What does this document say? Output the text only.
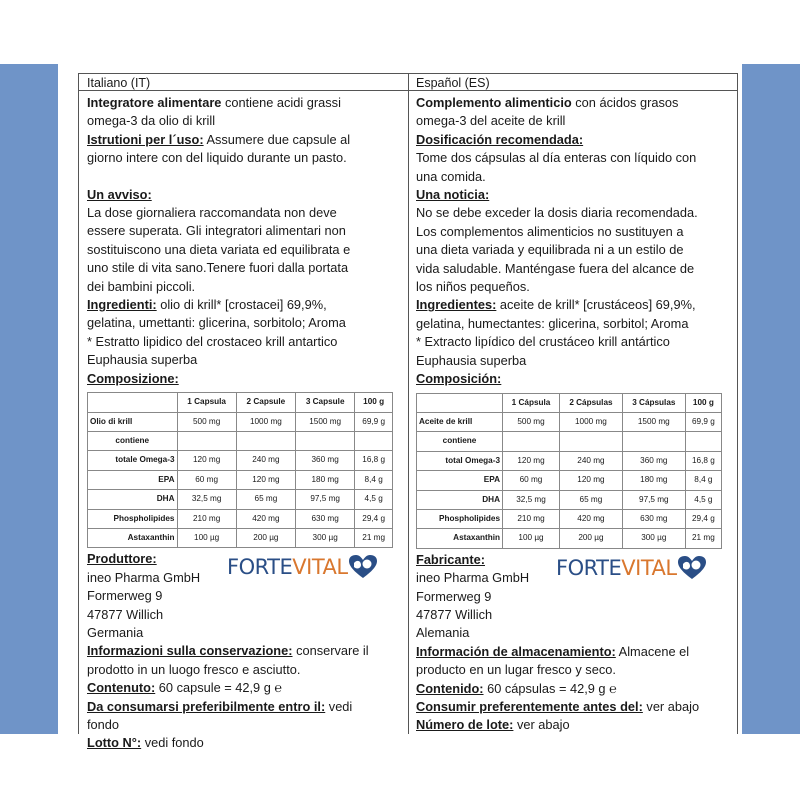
Italiano (IT)

Integratore alimentare contiene acidi grassi

omega-3 da olio di krill

Istrutioni per l´uso: Assumere due capsule al

giorno intere con del liquido durante un pasto.

Un avviso:

La dose giornaliera raccomandata non deve

essere superata. Gli integratori alimentari non

sostituiscono una dieta variata ed equilibrata e

uno stile di vita sano.Tenere fuori dalla portata

dei bambini piccoli.

Ingredienti: olio di krill* [crostacei] 69,9%,

gelatina, umettanti: glicerina, sorbitolo; Aroma

* Estratto lipidico del crostaceo krill antartico

Euphausia superba

Composizione:

	1 Capsula	2 Capsule	3 Capsule	100 g
Olio di krill	500 mg	1000 mg	1500 mg	69,9 g
contiene				
totale Omega-3	120 mg	240 mg	360 mg	16,8 g
EPA	60 mg	120 mg	180 mg	8,4 g
DHA	32,5 mg	65 mg	97,5 mg	4,5 g
Phospholipides	210 mg	420 mg	630 mg	29,4 g
Astaxanthin	100 µg	200 µg	300 µg	21 mg

Produttore:

ineo Pharma GmbH

Formerweg 9

47877 Willich

Germania

FORTE VITAL

Informazioni sulla conservazione: conservare il

prodotto in un luogo fresco e asciutto.

Contenuto: 60 capsule = 42,9 g ℮

Da consumarsi preferibilmente entro il: vedi

fondo

Lotto N°: vedi fondo

Español (ES)

Complemento alimenticio con ácidos grasos

omega-3 del aceite de krill

Dosificación recomendada:

Tome dos cápsulas al día enteras con líquido con

una comida.

Una noticia:

No se debe exceder la dosis diaria recomendada.

Los complementos alimenticios no sustituyen a

una dieta variada y equilibrada ni a un estilo de

vida saludable. Manténgase fuera del alcance de

los niños pequeños.

Ingredientes: aceite de krill* [crustáceos] 69,9%,

gelatina, humectantes: glicerina, sorbitol; Aroma

* Extracto lipídico del crustáceo krill antártico

Euphausia superba

Composición:

	1 Cápsula	2 Cápsulas	3 Cápsulas	100 g
Aceite de krill	500 mg	1000 mg	1500 mg	69,9 g
contiene				
total Omega-3	120 mg	240 mg	360 mg	16,8 g
EPA	60 mg	120 mg	180 mg	8,4 g
DHA	32,5 mg	65 mg	97,5 mg	4,5 g
Phospholipides	210 mg	420 mg	630 mg	29,4 g
Astaxanthin	100 µg	200 µg	300 µg	21 mg

Fabricante:

ineo Pharma GmbH

Formerweg 9

47877 Willich

Alemania

FORTE VITAL

Información de almacenamiento: Almacene el

producto en un lugar fresco y seco.

Contenido: 60 cápsulas = 42,9 g ℮

Consumir preferentemente antes del: ver abajo

Número de lote: ver abajo
